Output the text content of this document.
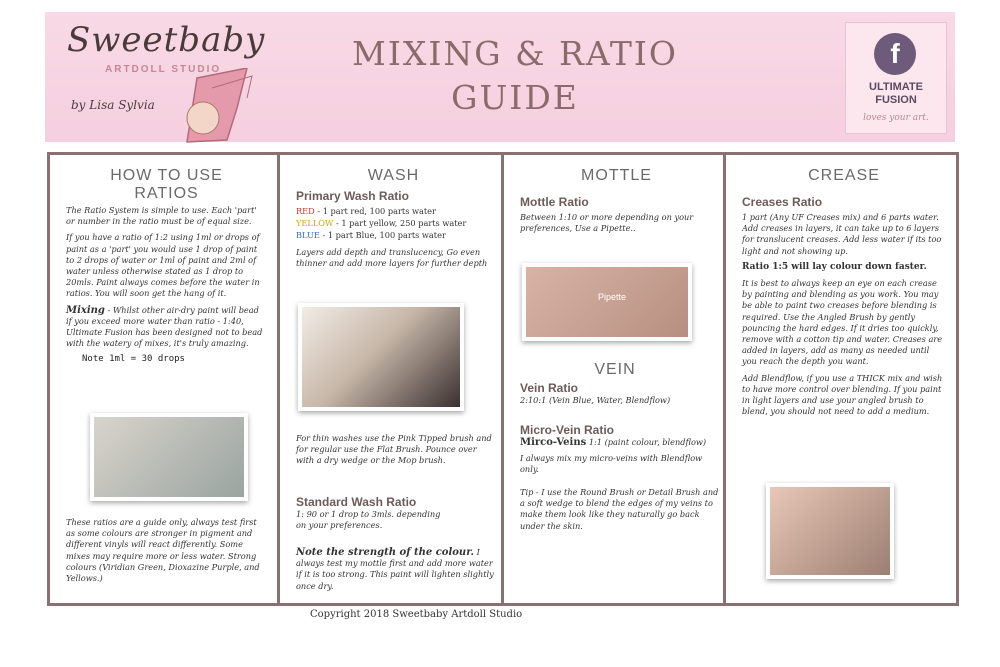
Sweetbaby
ARTDOLL STUDIO
by Lisa Sylvia
MIXING & RATIO
GUIDE
f
ULTIMATE
FUSION
loves your art.
HOW TO USE
RATIOS

The Ratio System is simple to use. Each 'part' or number in the ratio must be of equal size.

If you have a ratio of 1:2 using 1ml or drops of paint as a 'part' you would use 1 drop of paint to 2 drops of water or 1ml of paint and 2ml of water unless otherwise stated as 1 drop to 20mls. Paint always comes before the water in ratios. You will soon get the hang of it.

Mixing - Whilst other air-dry paint will bead if you exceed more water than ratio - 1:40, Ultimate Fusion has been designed not to bead with the watery of mixes, it's truly amazing.

Note 1ml = 30 drops

These ratios are a guide only, always test first as some colours are stronger in pigment and different vinyls will react differently. Some mixes may require more or less water. Strong colours (Viridian Green, Dioxazine Purple, and Yellows.)

WASH
Primary Wash Ratio

RED - 1 part red, 100 parts water

YELLOW - 1 part yellow, 250 parts water

BLUE - 1 part Blue, 100 parts water

Layers add depth and translucency, Go even thinner and add more layers for further depth

For thin washes use the Pink Tipped brush and for regular use the Flat Brush. Pounce over with a dry wedge or the Mop brush.

Standard Wash Ratio

1: 90 or 1 drop to 3mls. depending on your preferences.

Note the strength of the colour. I always test my mottle first and add more water if it is too strong. This paint will lighten slightly once dry.

MOTTLE
Mottle Ratio

Between 1:10 or more depending on your preferences, Use a Pipette..

VEIN
Vein Ratio

2:10:1 (Vein Blue, Water, Blendflow)

Micro-Vein Ratio

Mirco-Veins 1:1 (paint colour, blendflow)

I always mix my micro-veins with Blendflow only.

Tip - I use the Round Brush or Detail Brush and a soft wedge to blend the edges of my veins to make them look like they naturally go back under the skin.

CREASE
Creases Ratio

1 part (Any UF Creases mix) and 6 parts water. Add creases in layers, it can take up to 6 layers for translucent creases. Add less water if its too light and not showing up.

Ratio 1:5 will lay colour down faster.

It is best to always keep an eye on each crease by painting and blending as you work. You may be able to paint two creases before blending is required. Use the Angled Brush by gently pouncing the hard edges. If it dries too quickly, remove with a cotton tip and water. Creases are added in layers, add as many as needed until you reach the depth you want.

Add Blendflow, if you use a THICK mix and wish to have more control over blending. If you paint in light layers and use your angled brush to blend, you should not need to add a medium.

Pipette
Copyright 2018 Sweetbaby Artdoll Studio
